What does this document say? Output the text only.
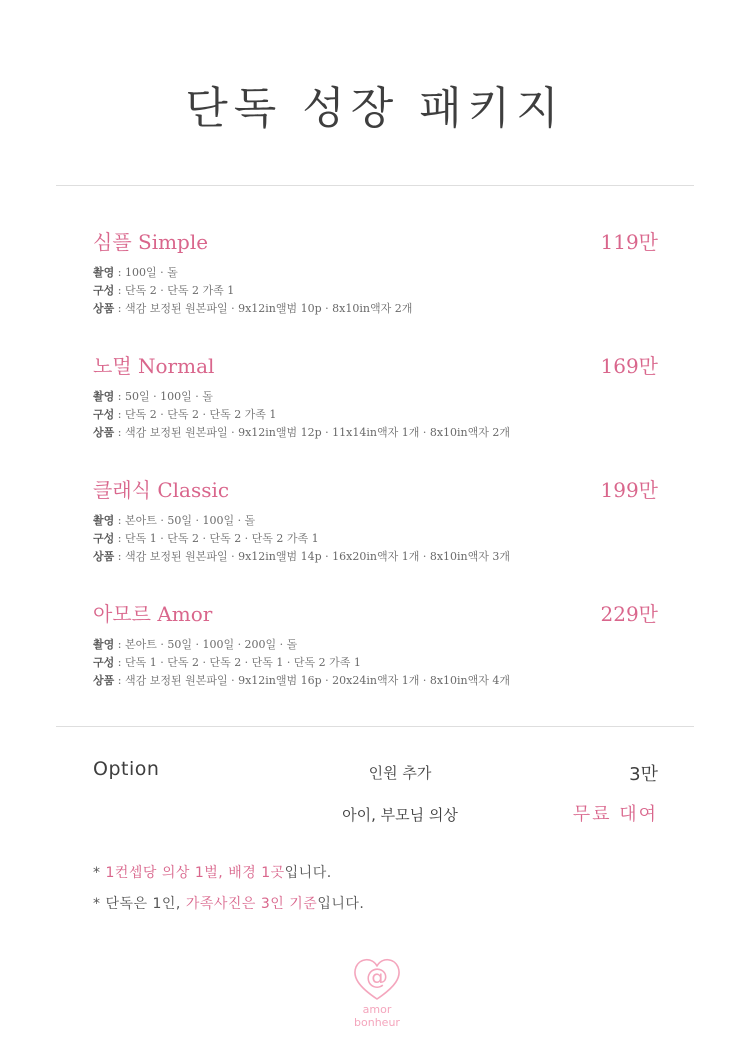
단독 성장 패키지
심플 Simple	119만
촬영 : 100일 · 돌
구성 : 단독 2 · 단독 2 가족 1
상품 : 색감 보정된 원본파일 · 9x12in앨범 10p · 8x10in액자 2개
노멀 Normal	169만
촬영 : 50일 · 100일 · 돌
구성 : 단독 2 · 단독 2 · 단독 2 가족 1
상품 : 색감 보정된 원본파일 · 9x12in앨범 12p · 11x14in액자 1개 · 8x10in액자 2개
클래식 Classic	199만
촬영 : 본아트 · 50일 · 100일 · 돌
구성 : 단독 1 · 단독 2 · 단독 2 · 단독 2 가족 1
상품 : 색감 보정된 원본파일 · 9x12in앨범 14p · 16x20in액자 1개 · 8x10in액자 3개
아모르 Amor	229만
촬영 : 본아트 · 50일 · 100일 · 200일 · 돌
구성 : 단독 1 · 단독 2 · 단독 2 · 단독 1 · 단독 2 가족 1
상품 : 색감 보정된 원본파일 · 9x12in앨범 16p · 20x24in액자 1개 · 8x10in액자 4개
Option	인원 추가	3만
아이, 부모님 의상	무료 대여
* 1컨셉당 의상 1벌, 배경 1곳입니다.
* 단독은 1인, 가족사진은 3인 기준입니다.
@
amor
bonheur
